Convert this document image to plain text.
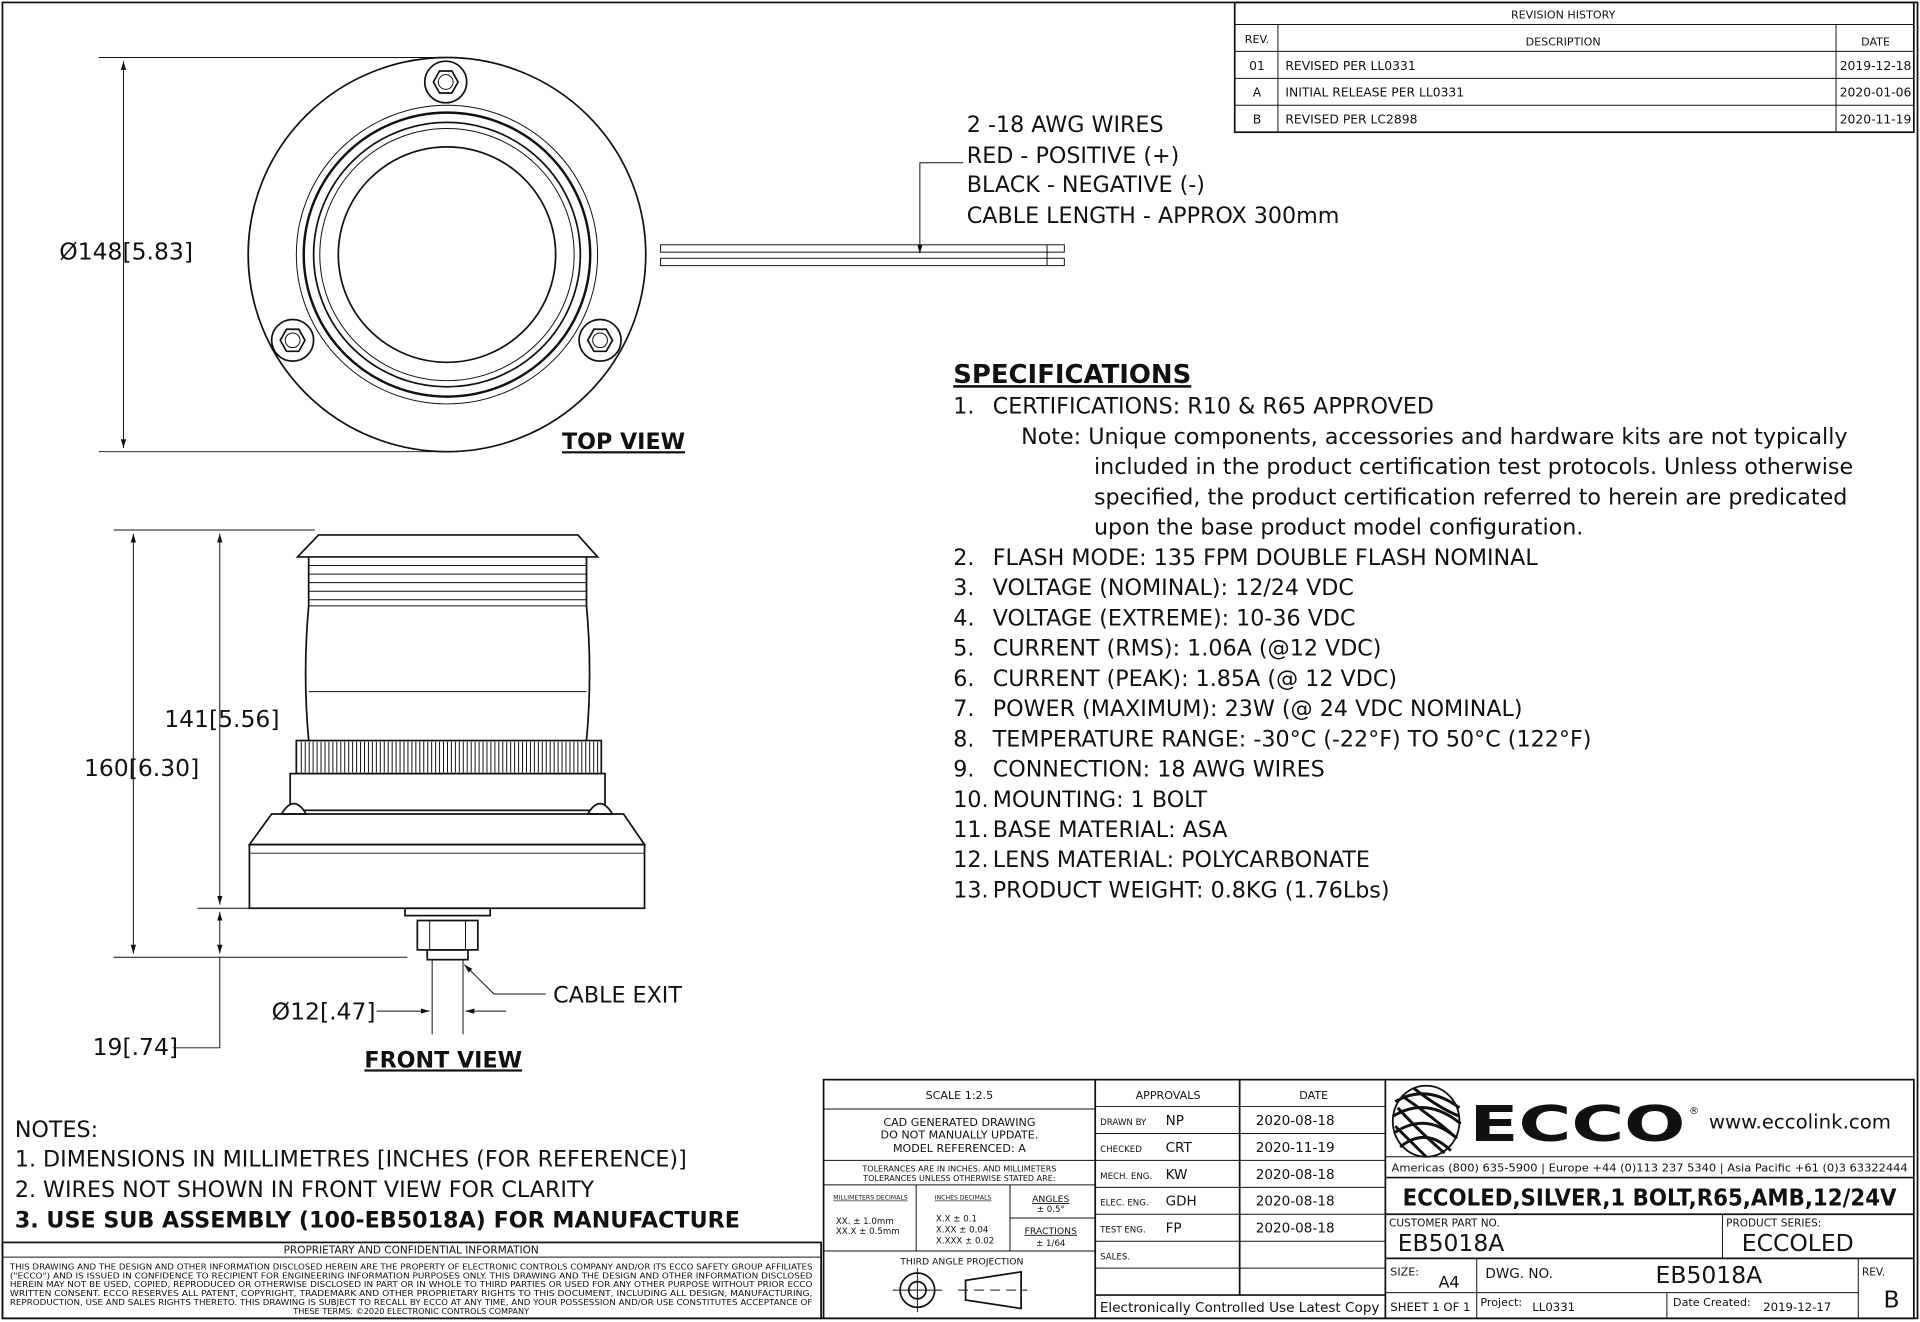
REVISION HISTORY
REV.	DESCRIPTION	DATE
01 REVISED PER LL0331	2019-12-18
A INITIAL RELEASE PER LL0331	2020-01-06
B REVISED PER LC2898	2020-11-19
Ø148[5.83]
TOP VIEW
2 -18 AWG WIRES
RED - POSITIVE (+)
BLACK - NEGATIVE (-)
CABLE LENGTH - APPROX 300mm
141[5.56]
160[6.30]
19[.74]
Ø12[.47]
CABLE EXIT
FRONT VIEW
SPECIFICATIONS
1. CERTIFICATIONS: R10 & R65 APPROVED
Note: Unique components, accessories and hardware kits are not typically
included in the product certification test protocols. Unless otherwise
specified, the product certification referred to herein are predicated
upon the base product model configuration.
2. FLASH MODE: 135 FPM DOUBLE FLASH NOMINAL
3. VOLTAGE (NOMINAL): 12/24 VDC
4. VOLTAGE (EXTREME): 10-36 VDC
5. CURRENT (RMS): 1.06A (@12 VDC)
6. CURRENT (PEAK): 1.85A (@ 12 VDC)
7. POWER (MAXIMUM): 23W (@ 24 VDC NOMINAL)
8. TEMPERATURE RANGE: -30°C (-22°F) TO 50°C (122°F)
9. CONNECTION: 18 AWG WIRES
10. MOUNTING: 1 BOLT
11. BASE MATERIAL: ASA
12. LENS MATERIAL: POLYCARBONATE
13. PRODUCT WEIGHT: 0.8KG (1.76Lbs)
NOTES:
1. DIMENSIONS IN MILLIMETRES [INCHES (FOR REFERENCE)]
2. WIRES NOT SHOWN IN FRONT VIEW FOR CLARITY
3. USE SUB ASSEMBLY (100-EB5018A) FOR MANUFACTURE
PROPRIETARY AND CONFIDENTIAL INFORMATION
THIS DRAWING AND THE DESIGN AND OTHER INFORMATION DISCLOSED HEREIN ARE THE PROPERTY OF ELECTRONIC CONTROLS COMPANY AND/OR ITS ECCO SAFETY GROUP AFFILIATES
("ECCO") AND IS ISSUED IN CONFIDENCE TO RECIPIENT FOR ENGINEERING INFORMATION PURPOSES ONLY. THIS DRAWING AND THE DESIGN AND OTHER INFORMATION DISCLOSED
HEREIN MAY NOT BE USED, COPIED, REPRODUCED OR OTHERWISE DISCLOSED IN PART OR IN WHOLE TO THIRD PARTIES OR USED FOR ANY OTHER PURPOSE WITHOUT PRIOR ECCO
WRITTEN CONSENT. ECCO RESERVES ALL PATENT, COPYRIGHT, TRADEMARK AND OTHER PROPRIETARY RIGHTS TO THIS DOCUMENT, INCLUDING ALL DESIGN, MANUFACTURING,
REPRODUCTION, USE AND SALES RIGHTS THERETO. THIS DRAWING IS SUBJECT TO RECALL BY ECCO AT ANY TIME, AND YOUR POSSESSION AND/OR USE CONSTITUTES ACCEPTANCE OF
THESE TERMS. ©2020 ELECTRONIC CONTROLS COMPANY
SCALE 1:2.5
CAD GENERATED DRAWING
DO NOT MANUALLY UPDATE.
MODEL REFERENCED: A
TOLERANCES ARE IN INCHES, AND MILLIMETERS
TOLERANCES UNLESS OTHERWISE STATED ARE:
MILLIMETERS DECIMALS
XX. ± 1.0mm
XX.X ± 0.5mm
INCHES DECIMALS
X.X ± 0.1
X.XX ± 0.04
X.XXX ± 0.02
ANGLES
± 0.5°
FRACTIONS
± 1/64
THIRD ANGLE PROJECTION
APPROVALS	DATE
DRAWN BY NP	2020-08-18
CHECKED CRT	2020-11-19
MECH. ENG. KW	2020-08-18
ELEC. ENG. GDH	2020-08-18
TEST ENG. FP	2020-08-18
SALES.
Electronically Controlled Use Latest Copy
ECCO ® www.eccolink.com
Americas (800) 635-5900 | Europe +44 (0)113 237 5340 | Asia Pacific +61 (0)3 63322444
ECCOLED,SILVER,1 BOLT,R65,AMB,12/24V
CUSTOMER PART NO.
EB5018A
PRODUCT SERIES:
ECCOLED
SIZE:
A4 DWG. NO.	EB5018A	REV.
B
SHEET 1 OF 1 Project: LL0331	Date Created: 2019-12-17
